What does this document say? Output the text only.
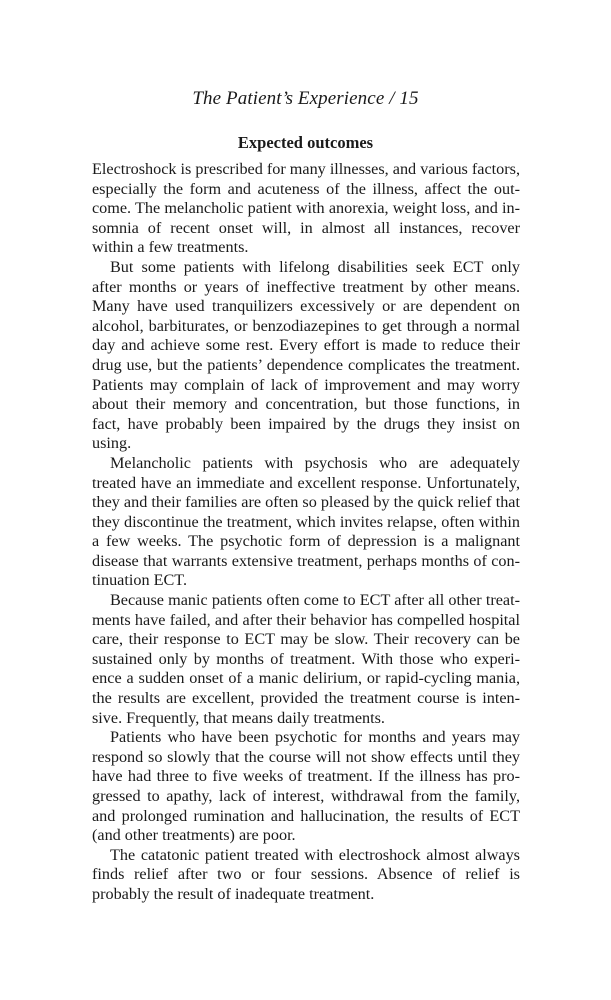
The Patient’s Experience / 15
Expected outcomes

Electroshock is prescribed for many illnesses, and various factors, especially the form and acuteness of the illness, affect the outcome. The melancholic patient with anorexia, weight loss, and insomnia of recent onset will, in almost all instances, recover within a few treatments.

But some patients with lifelong disabilities seek ECT only after months or years of ineffective treatment by other means. Many have used tranquilizers excessively or are dependent on alcohol, barbiturates, or benzodiazepines to get through a normal day and achieve some rest. Every effort is made to reduce their drug use, but the patients’ dependence complicates the treatment. Patients may complain of lack of improvement and may worry about their memory and concentration, but those functions, in fact, have probably been impaired by the drugs they insist on using.

Melancholic patients with psychosis who are adequately treated have an immediate and excellent response. Unfortunately, they and their families are often so pleased by the quick relief that they discontinue the treatment, which invites relapse, often within a few weeks. The psychotic form of depression is a malignant disease that warrants extensive treatment, perhaps months of continuation ECT.

Because manic patients often come to ECT after all other treatments have failed, and after their behavior has compelled hospital care, their response to ECT may be slow. Their recovery can be sustained only by months of treatment. With those who experience a sudden onset of a manic delirium, or rapid-cycling mania, the results are excellent, provided the treatment course is intensive. Frequently, that means daily treatments.

Patients who have been psychotic for months and years may respond so slowly that the course will not show effects until they have had three to five weeks of treatment. If the illness has progressed to apathy, lack of interest, withdrawal from the family, and prolonged rumination and hallucination, the results of ECT (and other treatments) are poor.

The catatonic patient treated with electroshock almost always finds relief after two or four sessions. Absence of relief is probably the result of inadequate treatment.
